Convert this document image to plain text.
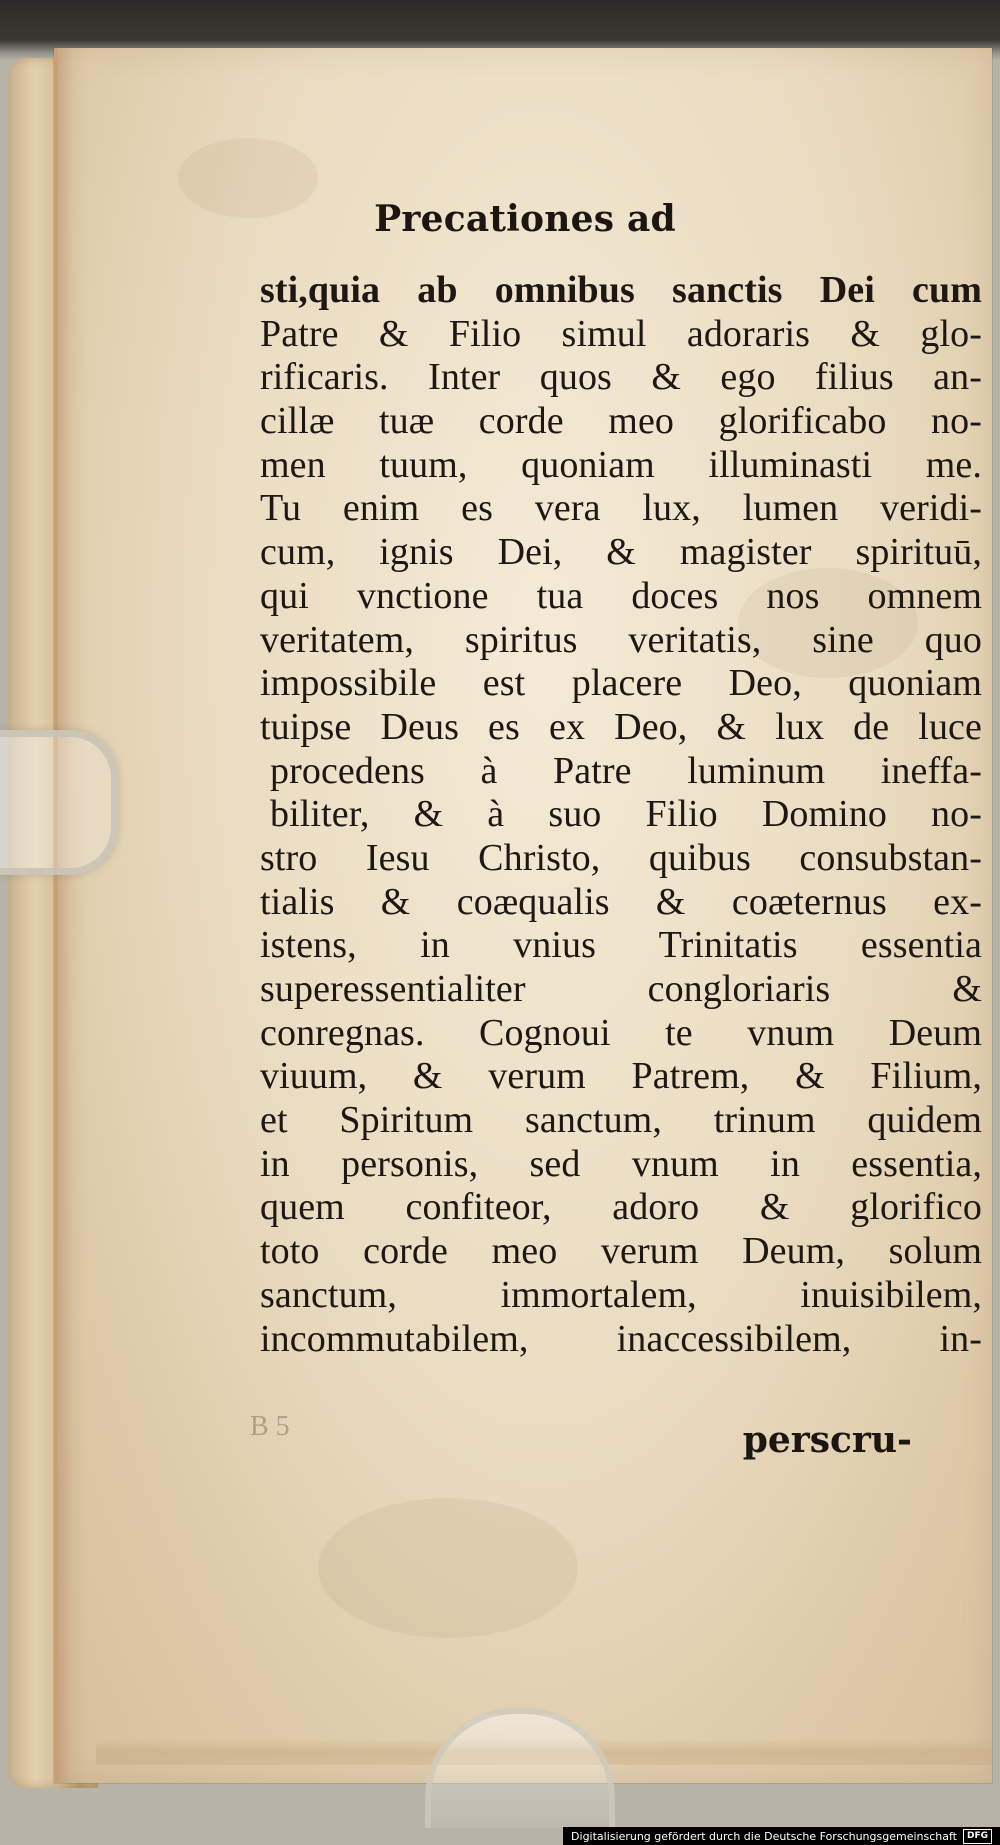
Precationes ad
sti,quia ab omnibus sanctis Dei cum
Patre & Filio simul adoraris & glo-
rificaris. Inter quos & ego filius an-
cillæ tuæ corde meo glorificabo no-
men tuum, quoniam illuminasti me.
Tu enim es vera lux, lumen veridi-
cum, ignis Dei, & magister spirituū,
qui vnctione tua doces nos omnem
veritatem, spiritus veritatis, sine quo
impossibile est placere Deo, quoniam
tuipse Deus es ex Deo, & lux de luce
procedens à Patre luminum ineffa-
biliter, & à suo Filio Domino no-
stro Iesu Christo, quibus consubstan-
tialis & coæqualis & coæternus ex-
istens, in vnius Trinitatis essentia
superessentialiter congloriaris &
conregnas. Cognoui te vnum Deum
viuum, & verum Patrem, & Filium,
et Spiritum sanctum, trinum quidem
in personis, sed vnum in essentia,
quem confiteor, adoro & glorifico
toto corde meo verum Deum, solum
sanctum, immortalem, inuisibilem,
incommutabilem, inaccessibilem, in-
B 5	perscru-
Digitalisierung gefördert durch die Deutsche Forschungsgemeinschaft	DFG
